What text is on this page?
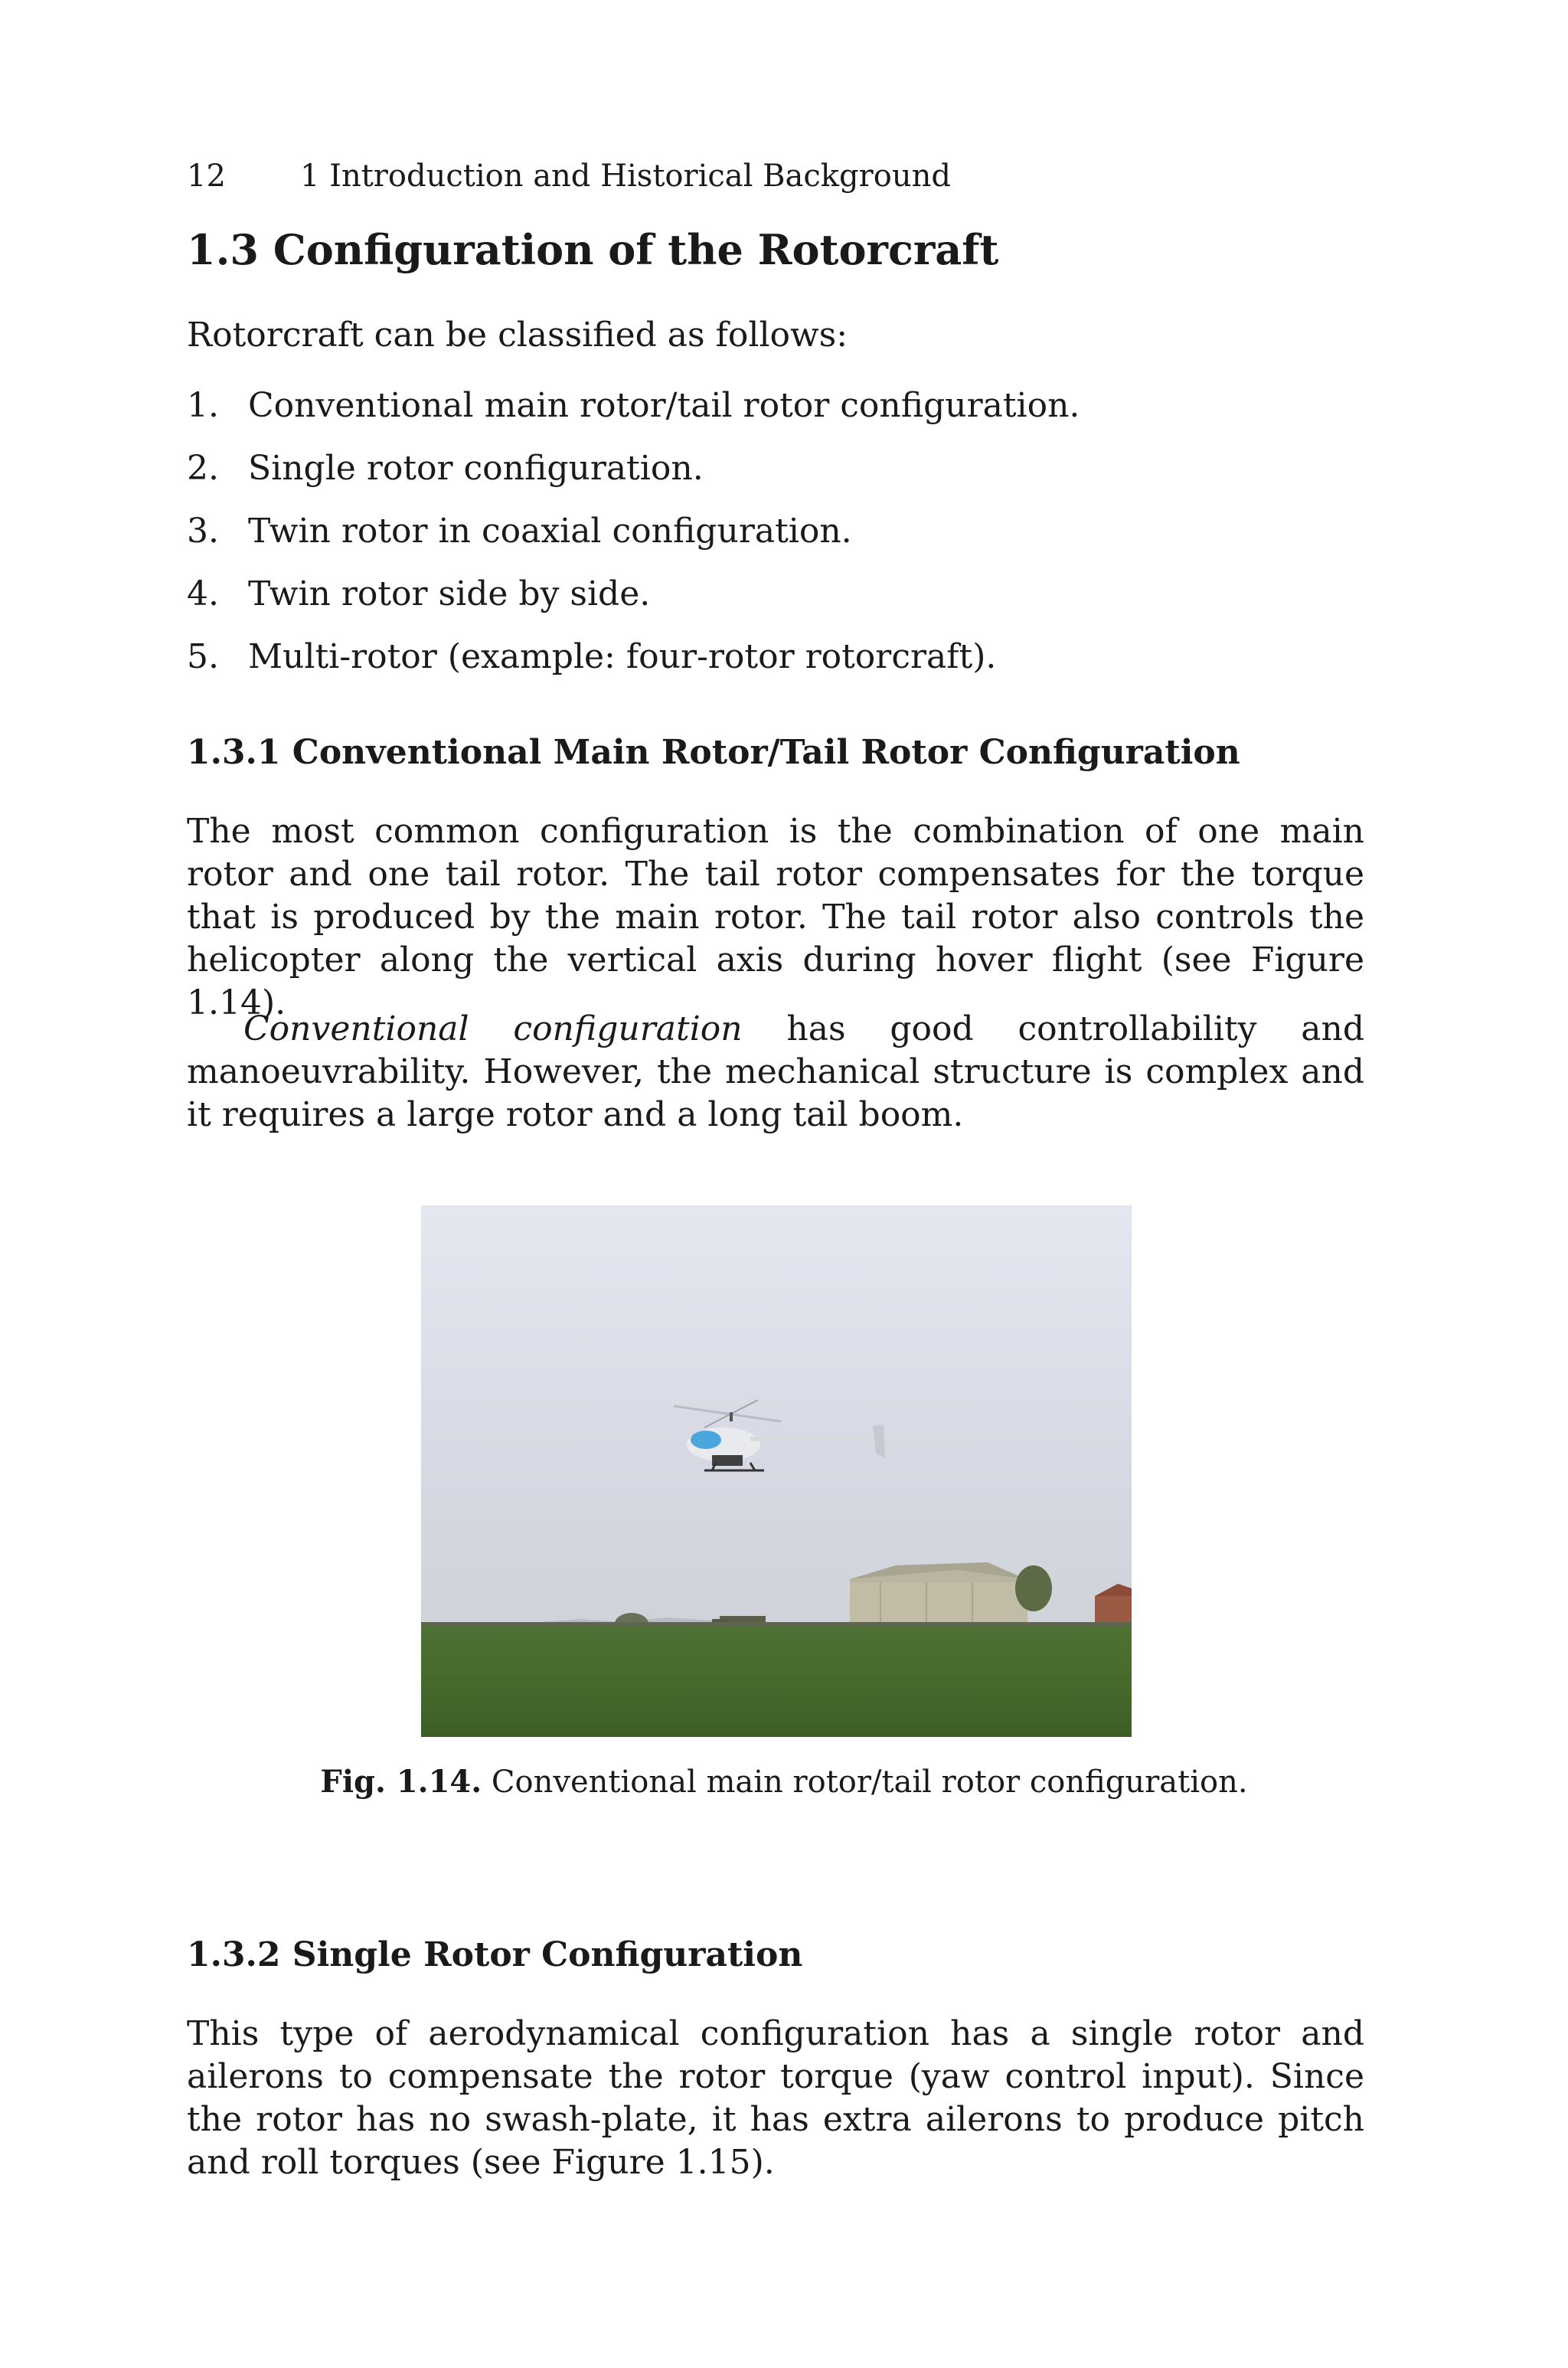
12 1 Introduction and Historical Background
1.3 Configuration of the Rotorcraft
Rotorcraft can be classified as follows:
1. Conventional main rotor/tail rotor configuration.
2. Single rotor configuration.
3. Twin rotor in coaxial configuration.
4. Twin rotor side by side.
5. Multi-rotor (example: four-rotor rotorcraft).
1.3.1 Conventional Main Rotor/Tail Rotor Configuration
The most common configuration is the combination of one main rotor and one tail rotor. The tail rotor compensates for the torque that is produced by the main rotor. The tail rotor also controls the helicopter along the vertical axis during hover flight (see Figure 1.14).
Conventional configuration has good controllability and manoeuvrability. However, the mechanical structure is complex and it requires a large rotor and a long tail boom.
Fig. 1.14. Conventional main rotor/tail rotor configuration.
1.3.2 Single Rotor Configuration
This type of aerodynamical configuration has a single rotor and ailerons to compensate the rotor torque (yaw control input). Since the rotor has no swash-plate, it has extra ailerons to produce pitch and roll torques (see Figure 1.15).
